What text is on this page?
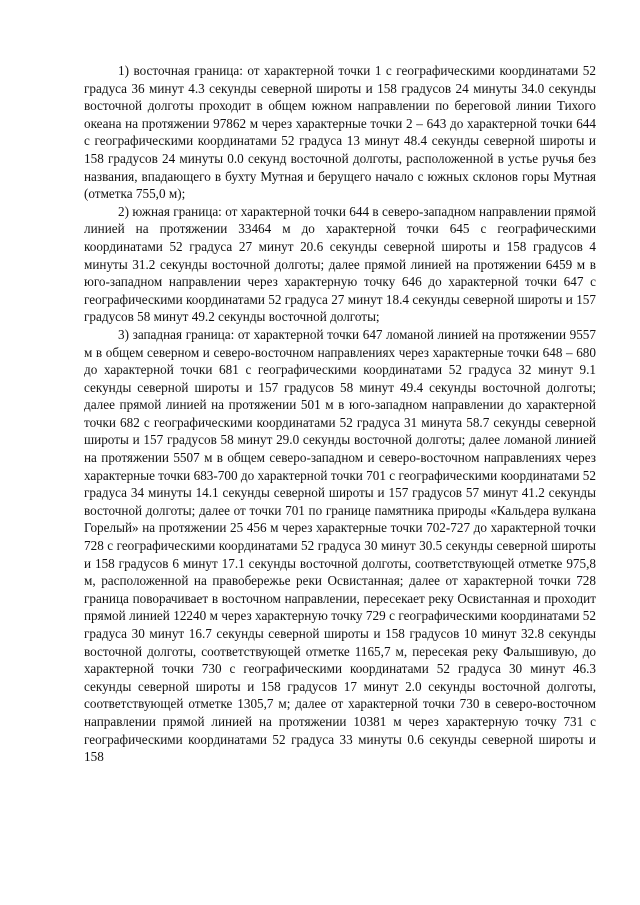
1) восточная граница: от характерной точки 1 с географическими координатами 52 градуса 36 минут 4.3 секунды северной широты и 158 градусов 24 минуты 34.0 секунды восточной долготы проходит в общем южном направлении по береговой линии Тихого океана на протяжении 97862 м через характерные точки 2 – 643 до характерной точки 644 с географическими координатами 52 градуса 13 минут 48.4 секунды северной широты и 158 градусов 24 минуты 0.0 секунд восточной долготы, расположенной в устье ручья без названия, впадающего в бухту Мутная и берущего начало с южных склонов горы Мутная (отметка 755,0 м);

2) южная граница: от характерной точки 644 в северо-западном направлении прямой линией на протяжении 33464 м до характерной точки 645 с географическими координатами 52 градуса 27 минут 20.6 секунды северной широты и 158 градусов 4 минуты 31.2 секунды восточной долготы; далее прямой линией на протяжении 6459 м в юго-западном направлении через характерную точку 646 до характерной точки 647 с географическими координатами 52 градуса 27 минут 18.4 секунды северной широты и 157 градусов 58 минут 49.2 секунды восточной долготы;

3) западная граница: от характерной точки 647 ломаной линией на протяжении 9557 м в общем северном и северо-восточном направлениях через характерные точки 648 – 680 до характерной точки 681 с географическими координатами 52 градуса 32 минут 9.1 секунды северной широты и 157 градусов 58 минут 49.4 секунды восточной долготы; далее прямой линией на протяжении 501 м в юго-западном направлении до характерной точки 682 с географическими координатами 52 градуса 31 минута 58.7 секунды северной широты и 157 градусов 58 минут 29.0 секунды восточной долготы; далее ломаной линией на протяжении 5507 м в общем северо-западном и северо-восточном направлениях через характерные точки 683-700 до характерной точки 701 с географическими координатами 52 градуса 34 минуты 14.1 секунды северной широты и 157 градусов 57 минут 41.2 секунды восточной долготы; далее от точки 701 по границе памятника природы «Кальдера вулкана Горелый» на протяжении 25 456 м через характерные точки 702-727 до характерной точки 728 с географическими координатами 52 градуса 30 минут 30.5 секунды северной широты и 158 градусов 6 минут 17.1 секунды восточной долготы, соответствующей отметке 975,8 м, расположенной на правобережье реки Освистанная; далее от характерной точки 728 граница поворачивает в восточном направлении, пересекает реку Освистанная и проходит прямой линией 12240 м через характерную точку 729 с географическими координатами 52 градуса 30 минут 16.7 секунды северной широты и 158 градусов 10 минут 32.8 секунды восточной долготы, соответствующей отметке 1165,7 м, пересекая реку Фалышивую, до характерной точки 730 с географическими координатами 52 градуса 30 минут 46.3 секунды северной широты и 158 градусов 17 минут 2.0 секунды восточной долготы, соответствующей отметке 1305,7 м; далее от характерной точки 730 в северо-восточном направлении прямой линией на протяжении 10381 м через характерную точку 731 с географическими координатами 52 градуса 33 минуты 0.6 секунды северной широты и 158
